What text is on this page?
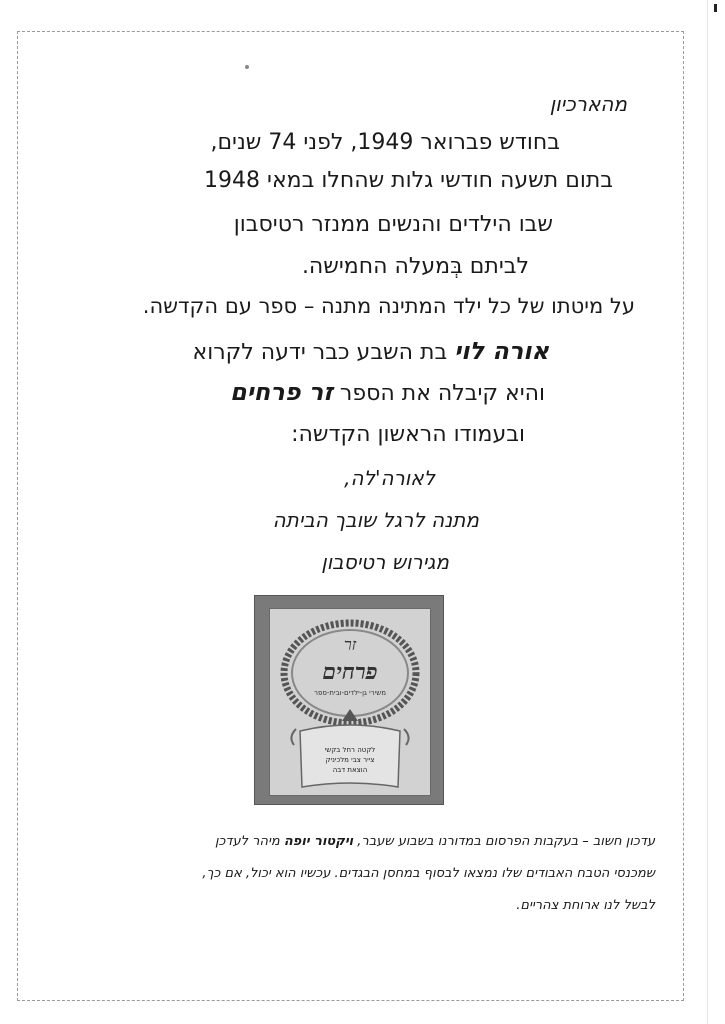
מהארכיון
בחודש פברואר 1949, לפני 74 שנים,
בתום תשעה חודשי גלות שהחלו במאי 1948
שבו הילדים והנשים ממנזר רטיסבון
לביתם בְּמעלה החמישה.
על מיטתו של כל ילד המתינה מתנה – ספר עם הקדשה.
אורה לוי בת השבע כבר ידעה לקרוא
והיא קיבלה את הספר זר פרחים
ובעמודו הראשון הקדשה:
לאורה'לה,
מתנה לרגל שובך הביתה
מגירוש רטיסבון
זר
פרחים
משירי גן-ילדים-ובית-ספר
לקטה רחל בקשי
צייר צבי מלכיניק
הוצאת דבה
עדכון חשוב – בעקבות הפרסום במדורנו בשבוע שעבר, ויקטור יופה מיהר לעדכן
שמכנסי הטבח האבודים שלו נמצאו לבסוף במחסן הבגדים. עכשיו הוא יכול, אם כך,
לבשל לנו ארוחת צהריים.
